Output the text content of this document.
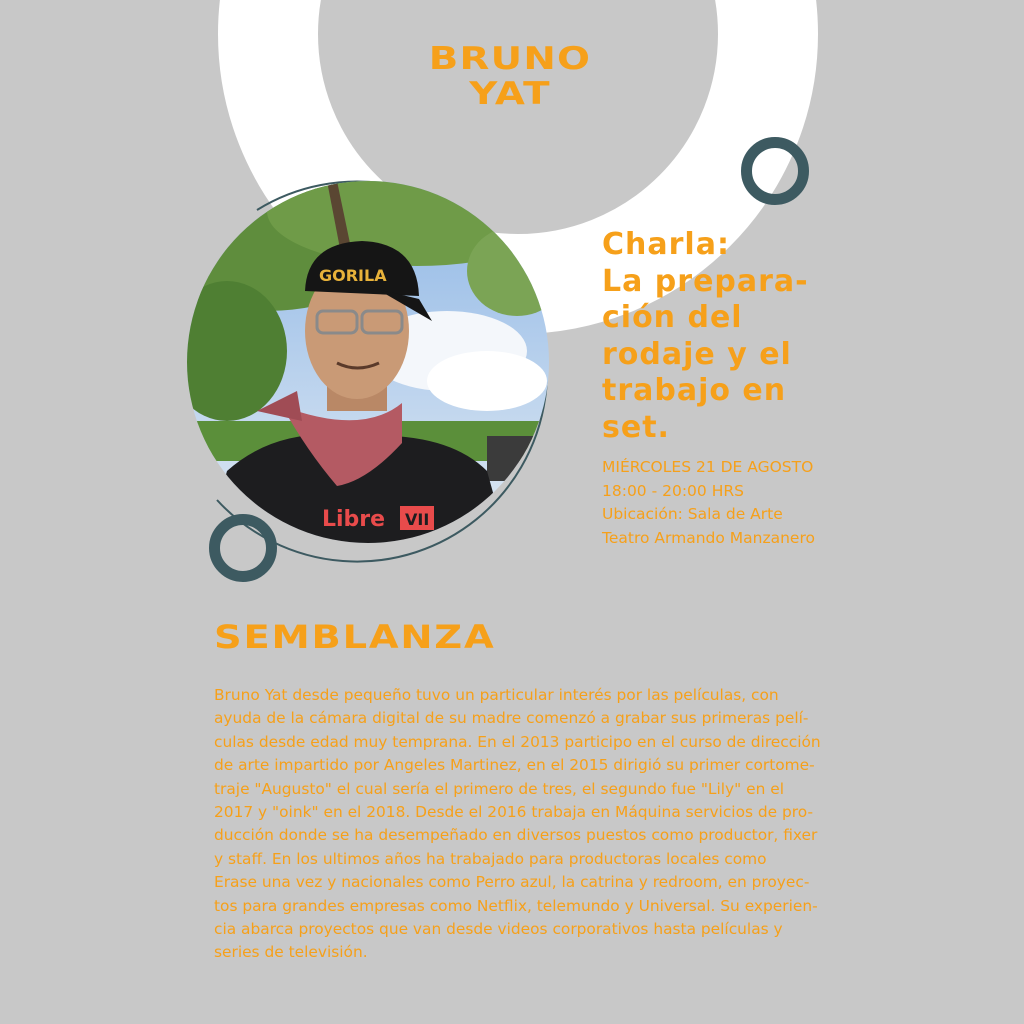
GORILA
Libre VII
BRUNO
YAT
Charla:
La prepara-
ción del
rodaje y el
trabajo en
set.
MIÉRCOLES 21 DE AGOSTO
18:00 - 20:00 HRS
Ubicación: Sala de Arte
Teatro Armando Manzanero
SEMBLANZA
Bruno Yat desde pequeño tuvo un particular interés por las películas, con
ayuda de la cámara digital de su madre comenzó a grabar sus primeras pelí-
culas desde edad muy temprana. En el 2013 participo en el curso de dirección
de arte impartido por Angeles Martinez, en el 2015 dirigió su primer cortome-
traje "Augusto" el cual sería el primero de tres, el segundo fue "Lily" en el
2017 y "oink" en el 2018. Desde el 2016 trabaja en Máquina servicios de pro-
ducción donde se ha desempeñado en diversos puestos como productor, fixer
y staff. En los ultimos años ha trabajado para productoras locales como
Erase una vez y nacionales como Perro azul, la catrina y redroom, en proyec-
tos para grandes empresas como Netflix, telemundo y Universal. Su experien-
cia abarca proyectos que van desde videos corporativos hasta películas y
series de televisión.
